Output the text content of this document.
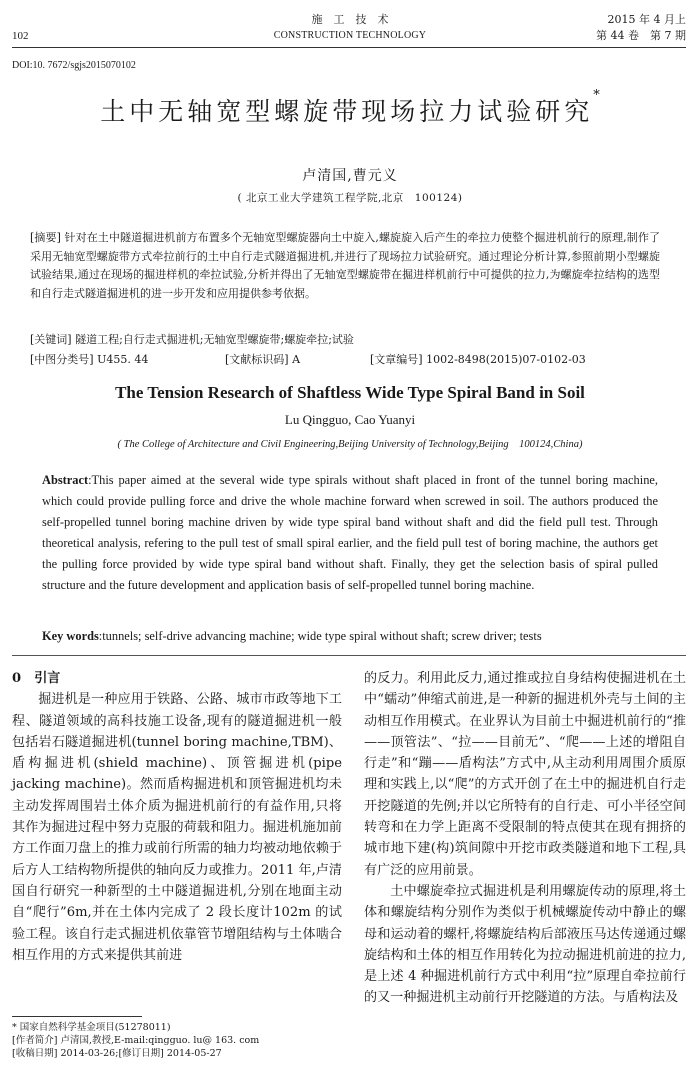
102
施　工　技　术
CONSTRUCTION TECHNOLOGY
2015 年 4 月上
第 44 卷　第 7 期
DOI:10. 7672/sgjs2015070102
土中无轴宽型螺旋带现场拉力试验研究*
卢清国,曹元义
( 北京工业大学建筑工程学院,北京　100124)
[摘要] 针对在土中隧道掘进机前方布置多个无轴宽型螺旋器向土中旋入,螺旋旋入后产生的牵拉力使整个掘进机前行的原理,制作了采用无轴宽型螺旋带方式牵拉前行的土中自行走式隧道掘进机,并进行了现场拉力试验研究。通过理论分析计算,参照前期小型螺旋试验结果,通过在现场的掘进样机的牵拉试验,分析并得出了无轴宽型螺旋带在掘进样机前行中可提供的拉力,为螺旋牵拉结构的选型和自行走式隧道掘进机的进一步开发和应用提供参考依据。
[关键词] 隧道工程;自行走式掘进机;无轴宽型螺旋带;螺旋牵拉;试验
[中图分类号] U455. 44	[文献标识码] A	[文章编号] 1002-8498(2015)07-0102-03
The Tension Research of Shaftless Wide Type Spiral Band in Soil
Lu Qingguo, Cao Yuanyi
( The College of Architecture and Civil Engineering,Beijing University of Technology,Beijing　100124,China)
Abstract:This paper aimed at the several wide type spirals without shaft placed in front of the tunnel boring machine, which could provide pulling force and drive the whole machine forward when screwed in soil. The authors produced the self-propelled tunnel boring machine driven by wide type spiral band without shaft and did the field pull test. Through theoretical analysis, refering to the pull test of small spiral earlier, and the field pull test of boring machine, the authors get the pulling force provided by wide type spiral band without shaft. Finally, they get the selection basis of spiral pulled structure and the future development and application basis of self-propelled tunnel boring machine.
Key words:tunnels; self-drive advancing machine; wide type spiral without shaft; screw driver; tests

0　引言

掘进机是一种应用于铁路、公路、城市市政等地下工程、隧道领域的高科技施工设备,现有的隧道掘进机一般包括岩石隧道掘进机(tunnel boring machine,TBM)、盾构掘进机(shield machine)、顶管掘进机(pipe jacking machine)。然而盾构掘进机和顶管掘进机均未主动发挥周围岩土体介质为掘进机前行的有益作用,只将其作为掘进过程中努力克服的荷载和阻力。掘进机施加前方工作面刀盘上的推力或前行所需的轴力均被动地依赖于后方人工结构物所提供的轴向反力或推力。2011 年,卢清国自行研究一种新型的土中隧道掘进机,分别在地面主动自“爬行”6m,并在土体内完成了 2 段长度计102m 的试验工程。该自行走式掘进机依靠管节增阻结构与土体啮合相互作用的方式来提供其前进

的反力。利用此反力,通过推或拉自身结构使掘进机在土中“蠕动”伸缩式前进,是一种新的掘进机外壳与土间的主动相互作用模式。在业界认为目前土中掘进机前行的“推——顶管法”、“拉——目前无”、“爬——上述的增阻自行走”和“蹦——盾构法”方式中,从主动利用周围介质原理和实践上,以“爬”的方式开创了在土中的掘进机自行走开挖隧道的先例;并以它所特有的自行走、可小半径空间转弯和在力学上距离不受限制的特点使其在现有拥挤的城市地下建(构)筑间隙中开挖市政类隧道和地下工程,具有广泛的应用前景。

土中螺旋牵拉式掘进机是利用螺旋传动的原理,将土体和螺旋结构分别作为类似于机械螺旋传动中静止的螺母和运动着的螺杆,将螺旋结构后部液压马达传递通过螺旋结构和土体的相互作用转化为拉动掘进机前进的拉力,是上述 4 种掘进机前行方式中利用“拉”原理自牵拉前行的又一种掘进机主动前行开挖隧道的方法。与盾构法及

* 国家自然科学基金项目(51278011)
[作者简介] 卢清国,教授,E-mail:qingguo. lu@ 163. com
[收稿日期] 2014-03-26;[修订日期] 2014-05-27
